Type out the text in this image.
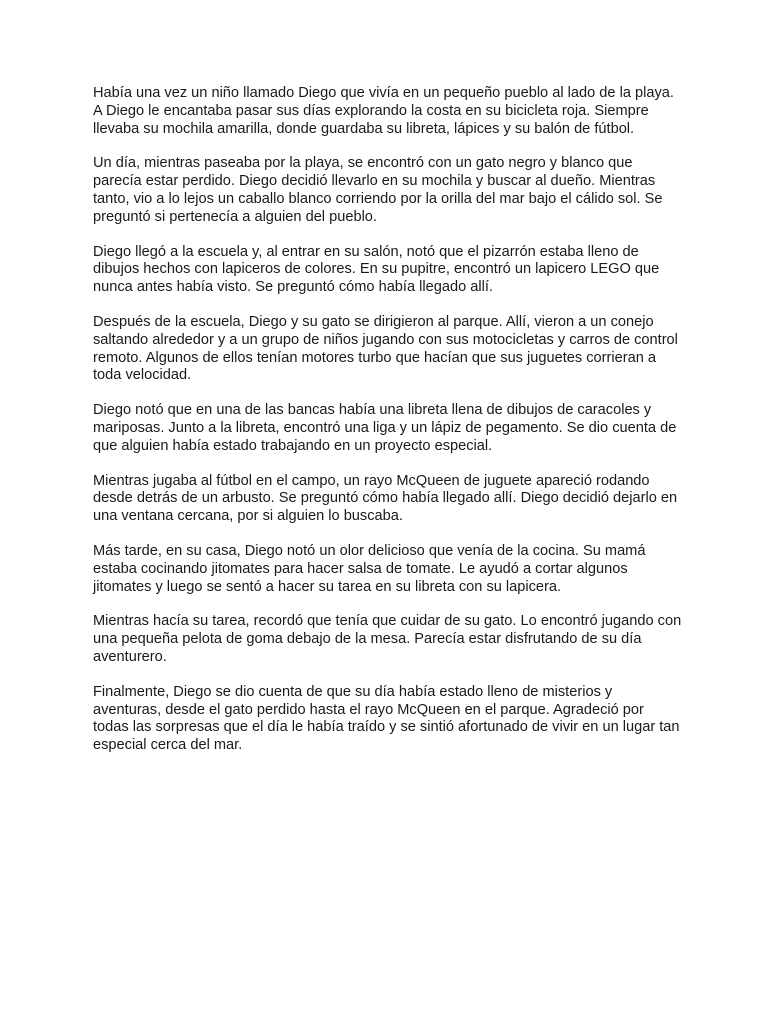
Había una vez un niño llamado Diego que vivía en un pequeño pueblo al lado de la playa. A Diego le encantaba pasar sus días explorando la costa en su bicicleta roja. Siempre llevaba su mochila amarilla, donde guardaba su libreta, lápices y su balón de fútbol.

Un día, mientras paseaba por la playa, se encontró con un gato negro y blanco que parecía estar perdido. Diego decidió llevarlo en su mochila y buscar al dueño. Mientras tanto, vio a lo lejos un caballo blanco corriendo por la orilla del mar bajo el cálido sol. Se preguntó si pertenecía a alguien del pueblo.

Diego llegó a la escuela y, al entrar en su salón, notó que el pizarrón estaba lleno de dibujos hechos con lapiceros de colores. En su pupitre, encontró un lapicero LEGO que nunca antes había visto. Se preguntó cómo había llegado allí.

Después de la escuela, Diego y su gato se dirigieron al parque. Allí, vieron a un conejo saltando alrededor y a un grupo de niños jugando con sus motocicletas y carros de control remoto. Algunos de ellos tenían motores turbo que hacían que sus juguetes corrieran a toda velocidad.

Diego notó que en una de las bancas había una libreta llena de dibujos de caracoles y mariposas. Junto a la libreta, encontró una liga y un lápiz de pegamento. Se dio cuenta de que alguien había estado trabajando en un proyecto especial.

Mientras jugaba al fútbol en el campo, un rayo McQueen de juguete apareció rodando desde detrás de un arbusto. Se preguntó cómo había llegado allí. Diego decidió dejarlo en una ventana cercana, por si alguien lo buscaba.

Más tarde, en su casa, Diego notó un olor delicioso que venía de la cocina. Su mamá estaba cocinando jitomates para hacer salsa de tomate. Le ayudó a cortar algunos jitomates y luego se sentó a hacer su tarea en su libreta con su lapicera.

Mientras hacía su tarea, recordó que tenía que cuidar de su gato. Lo encontró jugando con una pequeña pelota de goma debajo de la mesa. Parecía estar disfrutando de su día aventurero.

Finalmente, Diego se dio cuenta de que su día había estado lleno de misterios y aventuras, desde el gato perdido hasta el rayo McQueen en el parque. Agradeció por todas las sorpresas que el día le había traído y se sintió afortunado de vivir en un lugar tan especial cerca del mar.
